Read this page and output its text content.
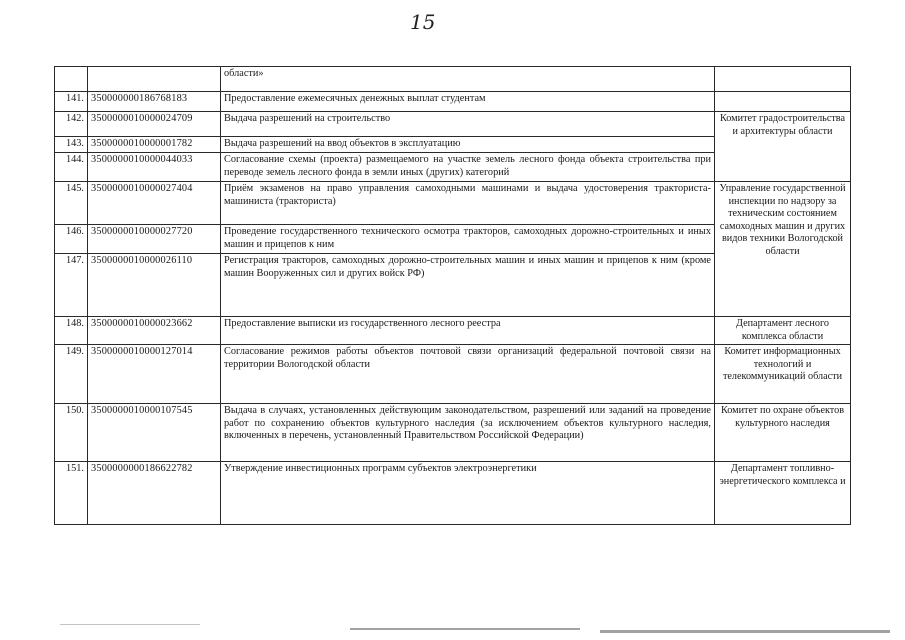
15
		области»	
141.	350000000186768183	Предоставление ежемесячных денежных выплат студентам	
142.	3500000010000024709	Выдача разрешений на строительство	Комитет градостроительства и архитектуры области
143.	3500000010000001782	Выдача разрешений на ввод объектов в эксплуатацию	
144.	3500000010000044033	Согласование схемы (проекта) размещаемого на участке земель лесного фонда объекта строительства при переводе земель лесного фонда в земли иных (других) категорий	
145.	3500000010000027404	Приём экзаменов на право управления самоходными машинами и выдача удостоверения тракториста-машиниста (тракториста)	Управление государственной инспекции по надзору за техническим состоянием самоходных машин и других видов техники Вологодской области
146.	3500000010000027720	Проведение государственного технического осмотра тракторов, самоходных дорожно-строительных и иных машин и прицепов к ним	
147.	3500000010000026110	Регистрация тракторов, самоходных дорожно-строительных машин и иных машин и прицепов к ним (кроме машин Вооруженных сил и других войск РФ)	
148.	3500000010000023662	Предоставление выписки из государственного лесного реестра	Департамент лесного комплекса области
149.	3500000010000127014	Согласование режимов работы объектов почтовой связи организаций федеральной почтовой связи на территории Вологодской области	Комитет информационных технологий и телекоммуникаций области
150.	3500000010000107545	Выдача в случаях, установленных действующим законодательством, разрешений или заданий на проведение работ по сохранению объектов культурного наследия (за исключением объектов культурного наследия, включенных в перечень, установленный Правительством Российской Федерации)	Комитет по охране объектов культурного наследия
151.	3500000000186622782	Утверждение инвестиционных программ субъектов электроэнергетики	Департамент топливно-энергетического комплекса и
